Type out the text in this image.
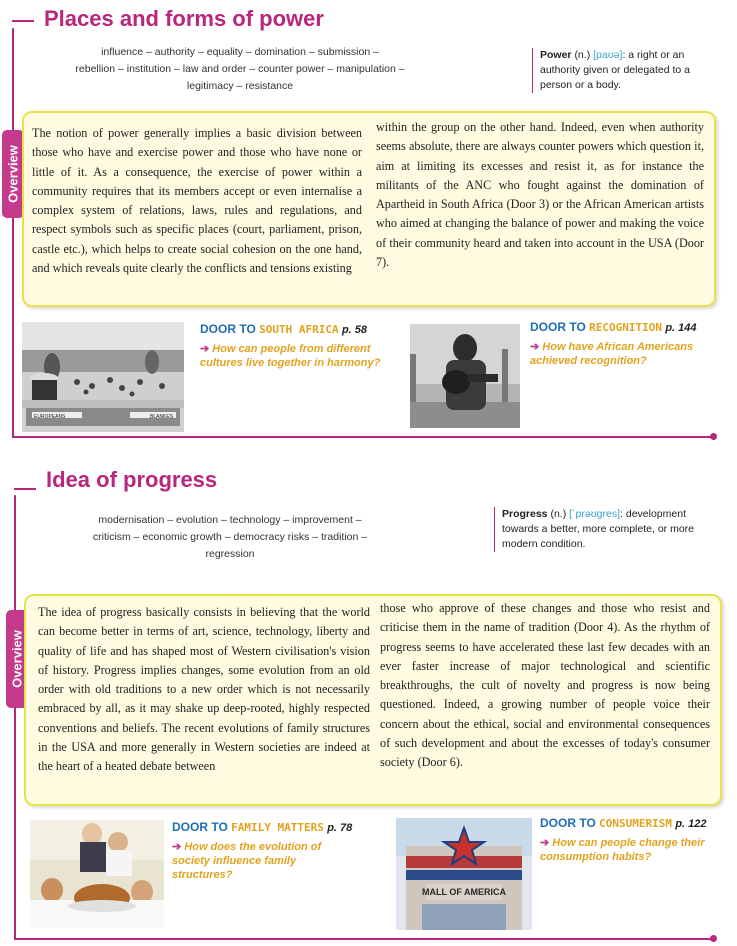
Places and forms of power
influence – authority – equality – domination – submission –
rebellion – institution – law and order – counter power – manipulation –
legitimacy – resistance
Power (n.) [paʊə]: a right or an authority given or delegated to a person or a body.
Overview
The notion of power generally implies a basic division between those who have and exercise power and those who have none or little of it. As a consequence, the exercise of power within a community requires that its members accept or even internalise a complex system of relations, laws, rules and regulations, and respect symbols such as specific places (court, parliament, prison, castle etc.), which helps to create social cohesion on the one hand, and which reveals quite clearly the conflicts and tensions existing
within the group on the other hand. Indeed, even when authority seems absolute, there are always counter powers which question it, aim at limiting its excesses and resist it, as for instance the militants of the ANC who fought against the domination of Apartheid in South Africa (Door 3) or the African American artists who aimed at changing the balance of power and making the voice of their community heard and taken into account in the USA (Door 7).
EUROPEANS	BLANKES
DOOR TO SOUTH AFRICA p. 58
➔ How can people from different cultures live together in harmony?
DOOR TO RECOGNITION p. 144
➔ How have African Americans achieved recognition?
Idea of progress
modernisation – evolution – technology – improvement –
criticism – economic growth – democracy risks – tradition –
regression
Progress (n.) [ˈprəʊgres]: development towards a better, more complete, or more modern condition.
Overview
The idea of progress basically consists in believing that the world can become better in terms of art, science, technology, liberty and quality of life and has shaped most of Western civilisation's vision of history. Progress implies changes, some evolution from an old order with old traditions to a new order which is not necessarily embraced by all, as it may shake up deep-rooted, highly respected conventions and beliefs. The recent evolutions of family structures in the USA and more generally in Western societies are indeed at the heart of a heated debate between
those who approve of these changes and those who resist and criticise them in the name of tradition (Door 4). As the rhythm of progress seems to have accelerated these last few decades with an ever faster increase of major technological and scientific breakthroughs, the cult of novelty and progress is now being questioned. Indeed, a growing number of people voice their concern about the ethical, social and environmental consequences of such development and about the excesses of today's consumer society (Door 6).
DOOR TO FAMILY MATTERS p. 78
➔ How does the evolution of society influence family structures?
MALL OF AMERICA
DOOR TO CONSUMERISM p. 122
➔ How can people change their consumption habits?
